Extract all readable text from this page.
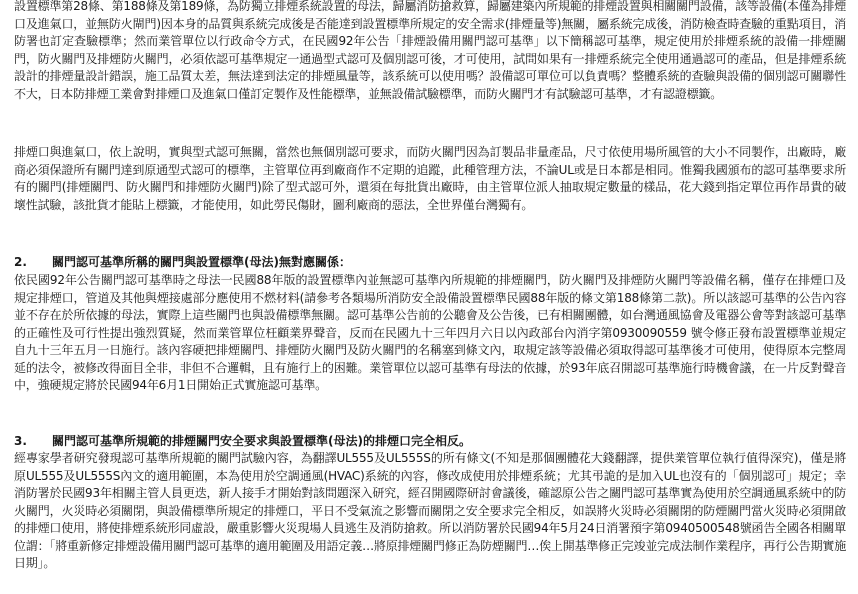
設置標準第28條、第188條及第189條，為防獨立排煙系統設置的母法，歸屬消防搶救算，歸屬建築內所規範的排煙設置與相關關門設備，該等設備(本僅為排煙口及進氣口，並無防火閘門)因本身的品質與系統完成後是否能達到設置標準所規定的安全需求(排煙量等)無關，屬系統完成後，消防檢查時查驗的重點項目，消防署也訂定查驗標準；然而業管單位以行政命令方式，在民國92年公告「排煙設備用關門認可基準」以下簡稱認可基準，規定使用於排煙系統的設備一排煙關門，防火關門及排煙防火關門，必須依認可基準規定一通過型式認可及個別認可後，才可使用，試問如果有一排煙系統完全使用通過認可的產品，但是排煙系統設計的排煙量設計錯誤，施工品質太差，無法達到法定的排煙風量等，該系統可以使用嗎？設備認可單位可以負責嗎？整體系統的查驗與設備的個別認可關聯性不大，日本防排煙工業會對排煙口及進氣口僅訂定製作及性能標準，並無設備試驗標準，而防火關門才有試驗認可基準，才有認證標籤。

排煙口與進氣口，依上說明，實與型式認可無關，當然也無個別認可要求，而防火關門因為訂製品非量產品，尺寸依使用場所風管的大小不同製作，出廠時，廠商必須保證所有關門達到原通型式認可的標準，主管單位再到廠商作不定期的追蹤，此種管理方法，不論UL或是日本都是相同。惟獨我國頒布的認可基準要求所有的關門(排煙關門、防火關門和排煙防火關門)除了型式認可外，還須在每批貨出廠時，由主管單位派人抽取規定數量的樣品，花大錢到指定單位再作昂貴的破壞性試驗，該批貨才能貼上標籤，才能使用，如此勞民傷財，圖利廠商的惡法，全世界僅台灣獨有。

2. 關門認可基準所稱的關門與設置標準(母法)無對應關係：

依民國92年公告關門認可基準時之母法一民國88年版的設置標準內並無認可基準內所規範的排煙關門，防火關門及排煙防火關門等設備名稱，僅存在排煙口及規定排煙口，管道及其他與煙接處部分應使用不燃材料(請參考各類場所消防安全設備設置標準民國88年版的條文第188條第二款)。所以該認可基準的公告內容並不存在於所依據的母法，實際上這些關門也與設備標準無關。認可基準公告前的公聽會及公告後，已有相關團體，如台灣通風協會及電器公會等對該認可基準的正確性及可行性提出強烈質疑，然而業管單位枉顧業界聲音，反而在民國九十三年四月六日以內政部台內消字第0930090559 號令修正發布設置標準並規定自九十三年五月一日施行。該內容硬把排煙關門、排煙防火關門及防火關門的名稱塞到條文內，取規定該等設備必須取得認可基準後才可使用，使得原本完整周延的法令，被修改得面目全非，非但不合邏輯，且有施行上的困難。業管單位以認可基準有母法的依據，於93年底召開認可基準施行時機會議，在一片反對聲音中，強硬規定將於民國94年6月1日開始正式實施認可基準。

3. 關門認可基準所規範的排煙關門安全要求與設置標準(母法)的排煙口完全相反。

經專家學者研究發現認可基準所規範的關門試驗內容，為翻譯UL555及UL555S的所有條文(不知是那個團體花大錢翻譯，提供業管單位執行值得深究)，僅是將原UL555及UL555S內文的適用範圍，本為使用於空調通風(HVAC)系統的內容，修改成使用於排煙系統；尤其弔詭的是加入UL也沒有的「個別認可」規定；幸消防署於民國93年相關主管人員更迭，新人接手才開始對該問題深入研究，經召開國際研討會議後，確認原公告之關門認可基準實為使用於空調通風系統中的防火關門，火災時必須關閉，與設備標準所規定的排煙口，平日不受氣流之影響而關閉之安全要求完全相反，如誤將火災時必須關閉的防煙關門當火災時必須開啟的排煙口使用，將使排煙系統形同虛設，嚴重影響火災現場人員逃生及消防搶救。所以消防署於民國94年5月24日消署預字第0940500548號函告全國各相關單位謂：「將重新修定排煙設備用關門認可基準的適用範圍及用語定義…將原排煙關門修正為防煙關門…俟上開基準修正完竣並完成法制作業程序，再行公告期實施日期」。
